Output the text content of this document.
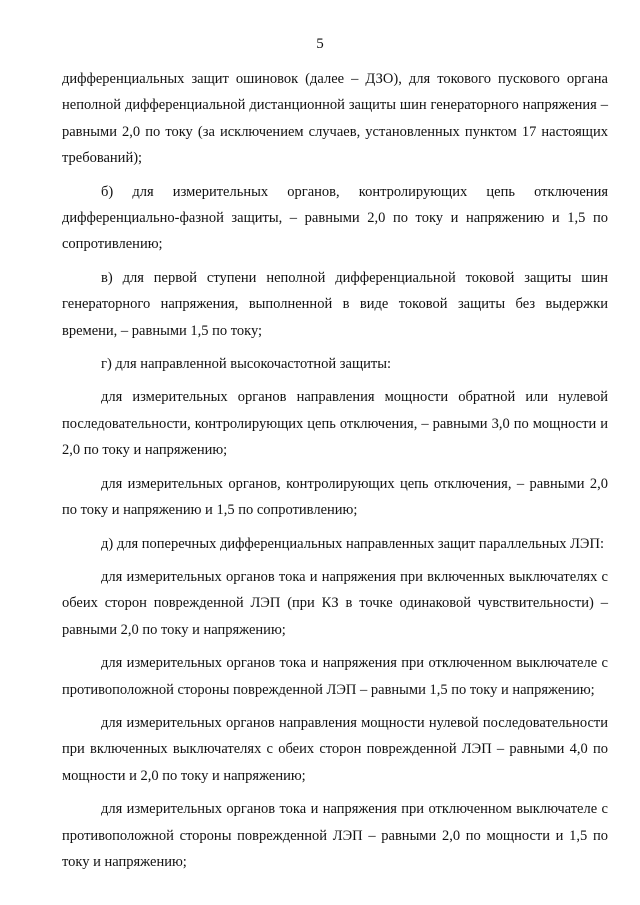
5

дифференциальных защит ошиновок (далее – ДЗО), для токового пускового органа неполной дифференциальной дистанционной защиты шин генераторного напряжения – равными 2,0 по току (за исключением случаев, установленных пунктом 17 настоящих требований);

б) для измерительных органов, контролирующих цепь отключения дифференциально-фазной защиты, – равными 2,0 по току и напряжению и 1,5 по сопротивлению;

в) для первой ступени неполной дифференциальной токовой защиты шин генераторного напряжения, выполненной в виде токовой защиты без выдержки времени, – равными 1,5 по току;

г) для направленной высокочастотной защиты:

для измерительных органов направления мощности обратной или нулевой последовательности, контролирующих цепь отключения, – равными 3,0 по мощности и 2,0 по току и напряжению;

для измерительных органов, контролирующих цепь отключения, – равными 2,0 по току и напряжению и 1,5 по сопротивлению;

д) для поперечных дифференциальных направленных защит параллельных ЛЭП:

для измерительных органов тока и напряжения при включенных выключателях с обеих сторон поврежденной ЛЭП (при КЗ в точке одинаковой чувствительности) – равными 2,0 по току и напряжению;

для измерительных органов тока и напряжения при отключенном выключателе с противоположной стороны поврежденной ЛЭП – равными 1,5 по току и напряжению;

для измерительных органов направления мощности нулевой последовательности при включенных выключателях с обеих сторон поврежденной ЛЭП – равными 4,0 по мощности и 2,0 по току и напряжению;

для измерительных органов тока и напряжения при отключенном выключателе с противоположной стороны поврежденной ЛЭП – равными 2,0 по мощности и 1,5 по току и напряжению;
